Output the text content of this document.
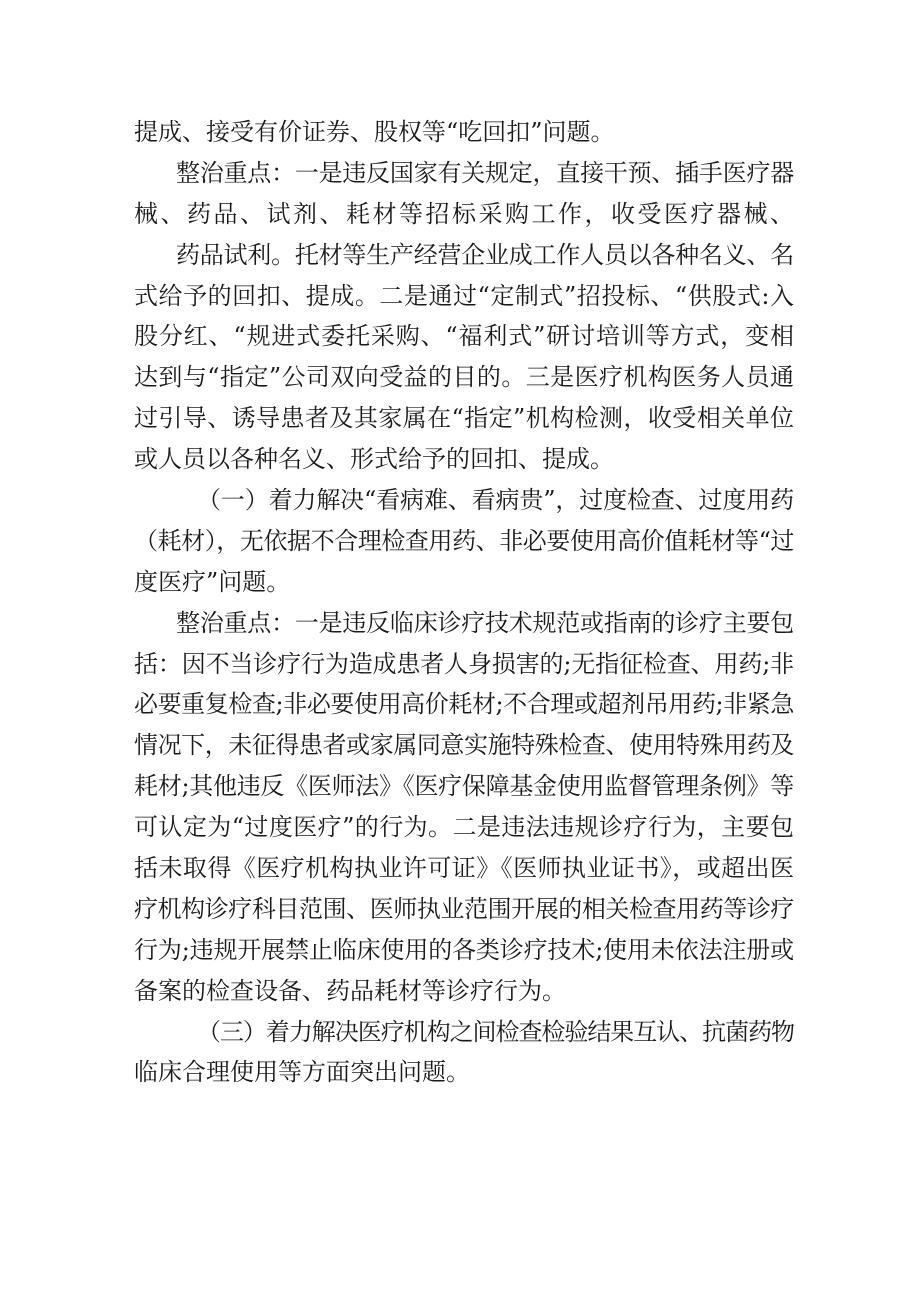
提成、接受有价证券、股权等“吃回扣”问题。
整治重点：一是违反国家有关规定，直接干预、插手医疗器
械、药品、试剂、耗材等招标采购工作，收受医疗器械、
药品试利。托材等生产经营企业成工作人员以各种名义、名
式给予的回扣、提成。二是通过“定制式”招投标、“供股式:入
股分红、“规进式委托采购、“福利式”研讨培训等方式，变相
达到与“指定”公司双向受益的目的。三是医疗机构医务人员通
过引导、诱导患者及其家属在“指定”机构检测，收受相关单位
或人员以各种名义、形式给予的回扣、提成。
（一）着力解决“看病难、看病贵”，过度检查、过度用药
（耗材），无依据不合理检查用药、非必要使用高价值耗材等“过
度医疗”问题。
整治重点：一是违反临床诊疗技术规范或指南的诊疗主要包
括：因不当诊疗行为造成患者人身损害的;无指征检查、用药;非
必要重复检查;非必要使用高价耗材;不合理或超剂吊用药;非紧急
情况下，未征得患者或家属同意实施特殊检查、使用特殊用药及
耗材;其他违反《医师法》《医疗保障基金使用监督管理条例》等
可认定为“过度医疗”的行为。二是违法违规诊疗行为，主要包
括未取得《医疗机构执业许可证》《医师执业证书》，或超出医
疗机构诊疗科目范围、医师执业范围开展的相关检查用药等诊疗
行为;违规开展禁止临床使用的各类诊疗技术;使用未依法注册或
备案的检查设备、药品耗材等诊疗行为。
（三）着力解决医疗机构之间检查检验结果互认、抗菌药物
临床合理使用等方面突出问题。
